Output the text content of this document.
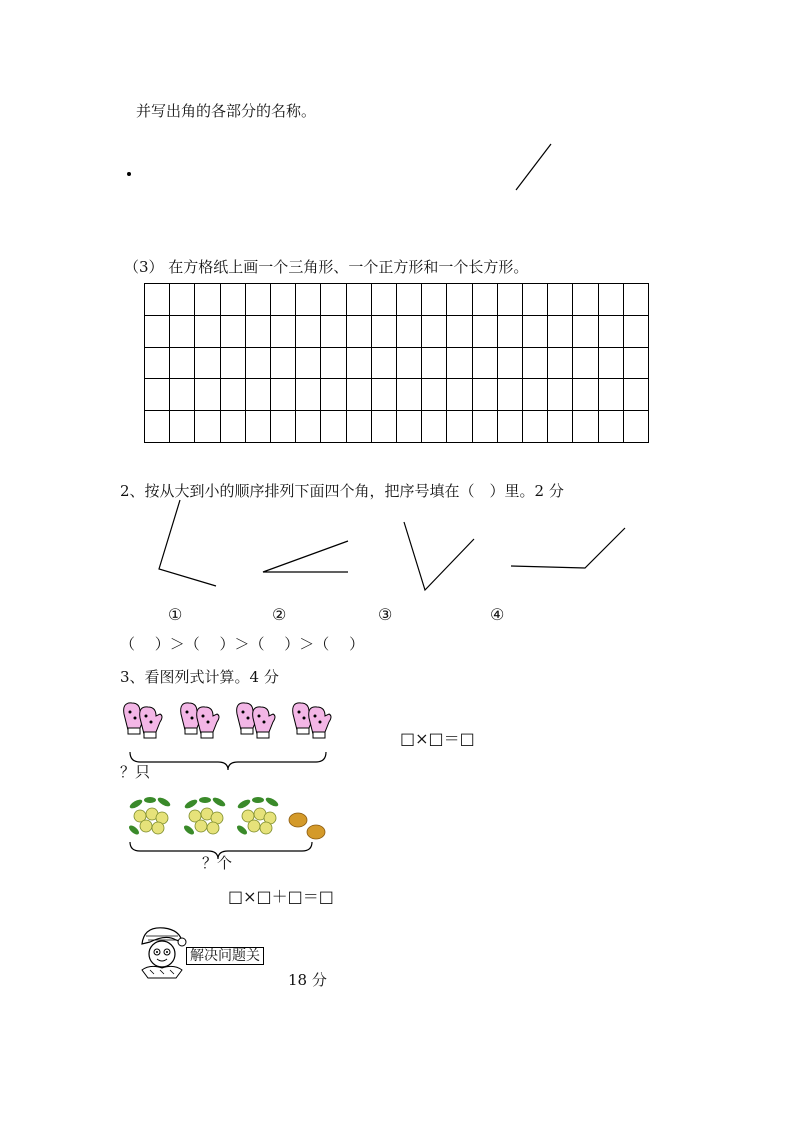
并写出角的各部分的名称。
（3） 在方格纸上画一个三角形、一个正方形和一个长方形。
2、按从大到小的顺序排列下面四个角，把序号填在（　）里。2 分
①	②	③	④
（　 ）＞（　 ）＞（　 ）＞（　 ）
3、看图列式计算。4 分
□×□＝□
？只
？个
□×□＋□＝□
解决问题关
18 分
